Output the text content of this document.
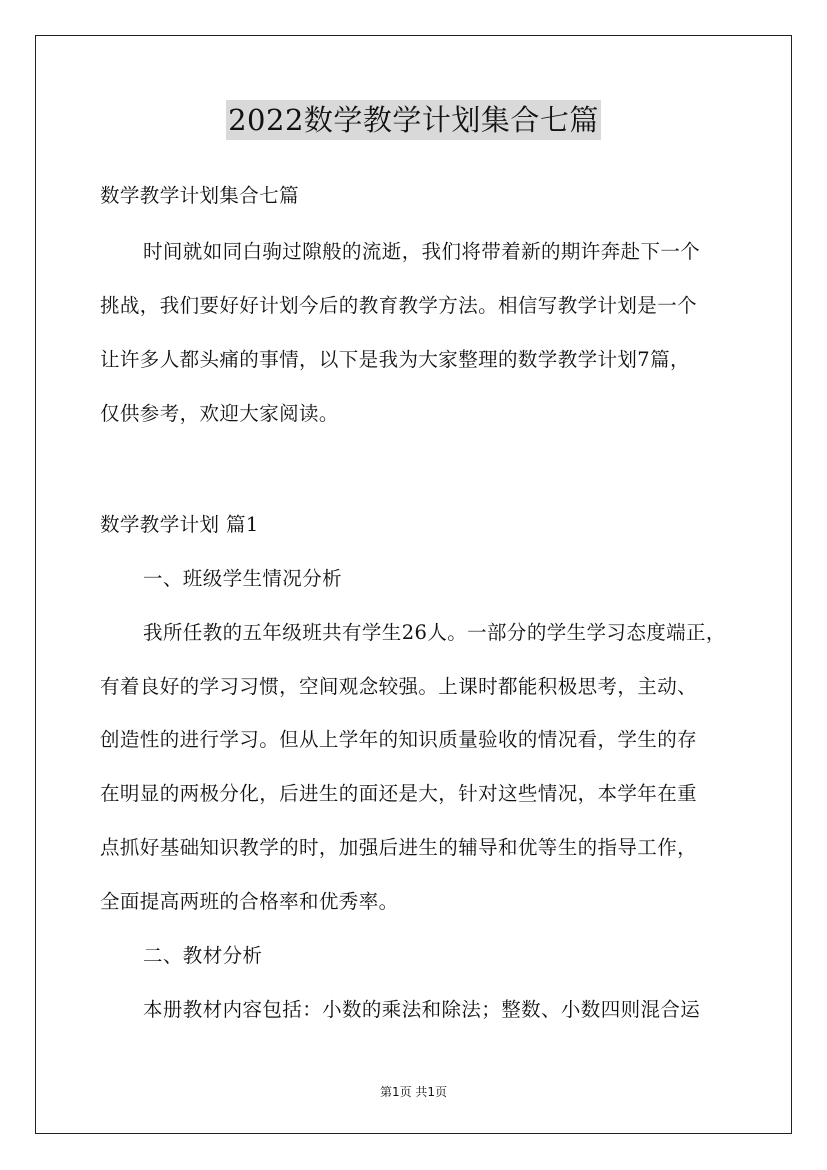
2022数学教学计划集合七篇
数学教学计划集合七篇
时间就如同白驹过隙般的流逝，我们将带着新的期许奔赴下一个
挑战，我们要好好计划今后的教育教学方法。相信写教学计划是一个
让许多人都头痛的事情，以下是我为大家整理的数学教学计划7篇，
仅供参考，欢迎大家阅读。
数学教学计划 篇1
一、班级学生情况分析
我所任教的五年级班共有学生26人。一部分的学生学习态度端正，
有着良好的学习习惯，空间观念较强。上课时都能积极思考，主动、
创造性的进行学习。但从上学年的知识质量验收的情况看，学生的存
在明显的两极分化，后进生的面还是大，针对这些情况，本学年在重
点抓好基础知识教学的时，加强后进生的辅导和优等生的指导工作，
全面提高两班的合格率和优秀率。
二、教材分析
本册教材内容包括：小数的乘法和除法；整数、小数四则混合运
第1页 共1页
